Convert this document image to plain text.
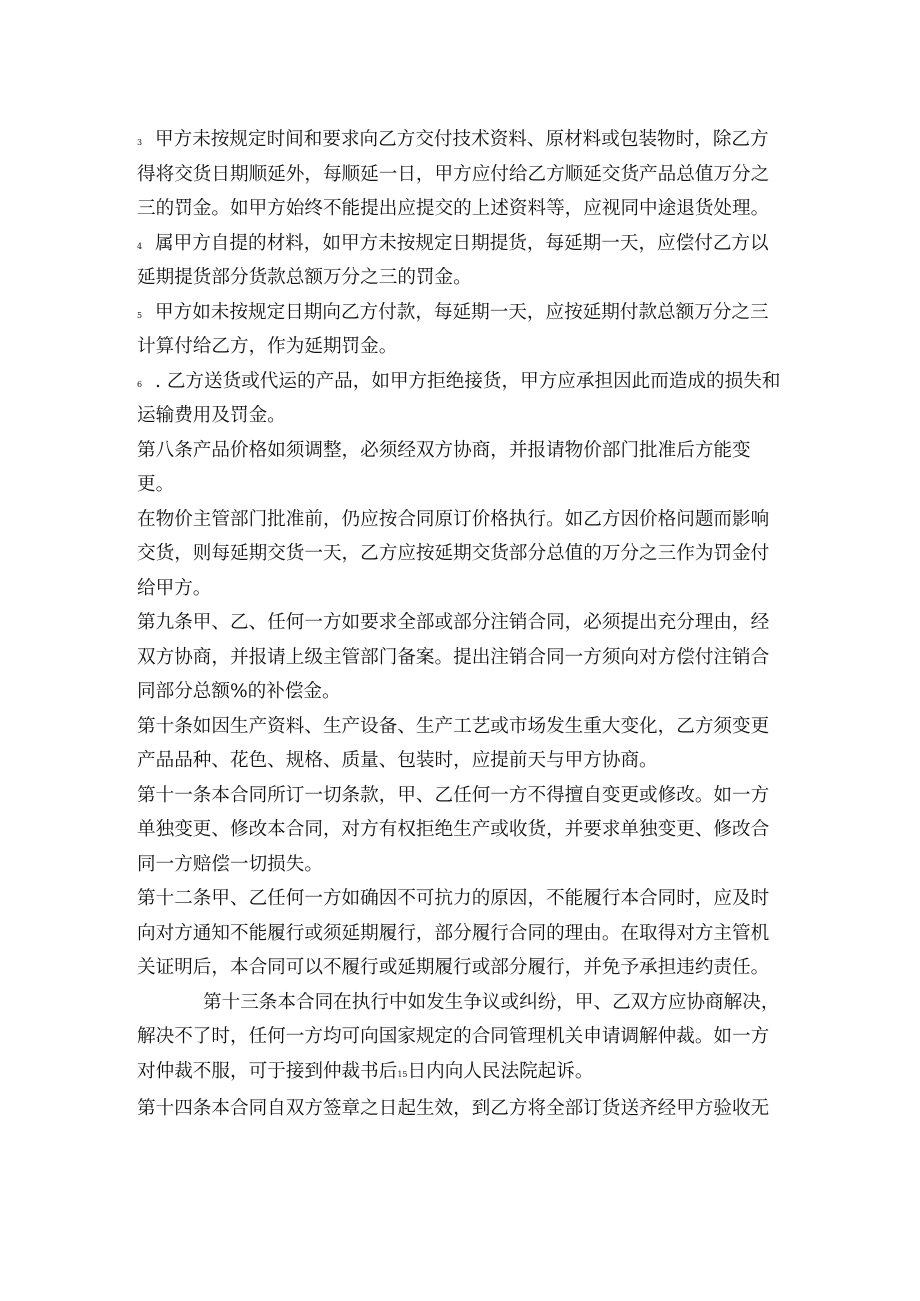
3 甲方未按规定时间和要求向乙方交付技术资料、原材料或包装物时，除乙方
得将交货日期顺延外，每顺延一日，甲方应付给乙方顺延交货产品总值万分之
三的罚金。如甲方始终不能提出应提交的上述资料等，应视同中途退货处理。
4 属甲方自提的材料，如甲方未按规定日期提货，每延期一天，应偿付乙方以
延期提货部分货款总额万分之三的罚金。
5 甲方如未按规定日期向乙方付款，每延期一天，应按延期付款总额万分之三
计算付给乙方，作为延期罚金。
6 . 乙方送货或代运的产品，如甲方拒绝接货，甲方应承担因此而造成的损失和
运输费用及罚金。
第八条产品价格如须调整，必须经双方协商，并报请物价部门批准后方能变更。
在物价主管部门批准前，仍应按合同原订价格执行。如乙方因价格问题而影响
交货，则每延期交货一天，乙方应按延期交货部分总值的万分之三作为罚金付
给甲方。
第九条甲、乙、任何一方如要求全部或部分注销合同，必须提出充分理由，经
双方协商，并报请上级主管部门备案。提出注销合同一方须向对方偿付注销合
同部分总额%的补偿金。
第十条如因生产资料、生产设备、生产工艺或市场发生重大变化，乙方须变更
产品品种、花色、规格、质量、包装时，应提前天与甲方协商。
第十一条本合同所订一切条款，甲、乙任何一方不得擅自变更或修改。如一方
单独变更、修改本合同，对方有权拒绝生产或收货，并要求单独变更、修改合
同一方赔偿一切损失。
第十二条甲、乙任何一方如确因不可抗力的原因，不能履行本合同时，应及时
向对方通知不能履行或须延期履行，部分履行合同的理由。在取得对方主管机
关证明后，本合同可以不履行或延期履行或部分履行，并免予承担违约责任。
第十三条本合同在执行中如发生争议或纠纷，甲、乙双方应协商解决，
解决不了时，任何一方均可向国家规定的合同管理机关申请调解仲裁。如一方
对仲裁不服，可于接到仲裁书后15日内向人民法院起诉。
第十四条本合同自双方签章之日起生效，到乙方将全部订货送齐经甲方验收无
